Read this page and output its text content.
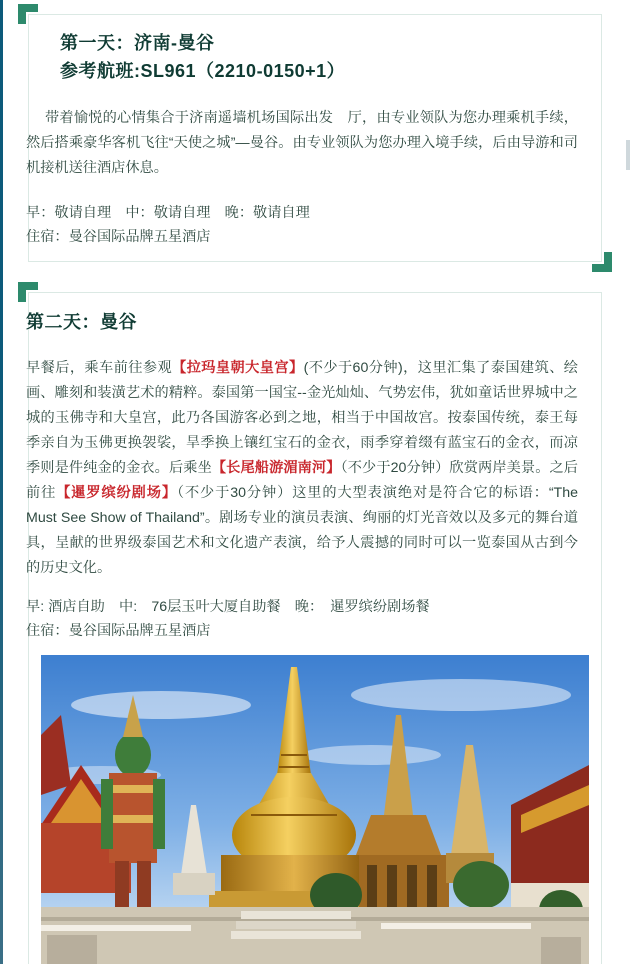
第一天：济南-曼谷
参考航班:SL961（2210-0150+1）
带着愉悦的心情集合于济南遥墙机场国际出发　厅，由专业领队为您办理乘机手续，然后搭乘豪华客机飞往“天使之城”—曼谷。由专业领队为您办理入境手续，后由导游和司机接机送往酒店休息。
早：敬请自理　中：敬请自理　晚：敬请自理
住宿：曼谷国际品牌五星酒店
第二天：曼谷
早餐后，乘车前往参观【拉玛皇朝大皇宫】(不少于60分钟)，这里汇集了泰国建筑、绘画、雕刻和装潢艺术的精粹。泰国第一国宝--金光灿灿、气势宏伟，犹如童话世界城中之城的玉佛寺和大皇宫，此乃各国游客必到之地，相当于中国故宫。按泰国传统，泰王每季亲自为玉佛更换袈裟，旱季换上镶红宝石的金衣，雨季穿着缀有蓝宝石的金衣，而凉季则是件纯金的金衣。后乘坐【长尾船游湄南河】（不少于20分钟）欣赏两岸美景。之后前往【暹罗缤纷剧场】（不少于30分钟）这里的大型表演绝对是符合它的标语：“The Must See Show of Thailand”。剧场专业的演员表演、绚丽的灯光音效以及多元的舞台道具，呈献的世界级泰国艺术和文化遗产表演，给予人震撼的同时可以一览泰国从古到今的历史文化。
早: 酒店自助　中:　76层玉叶大厦自助餐　晚：　暹罗缤纷剧场餐
住宿：曼谷国际品牌五星酒店
